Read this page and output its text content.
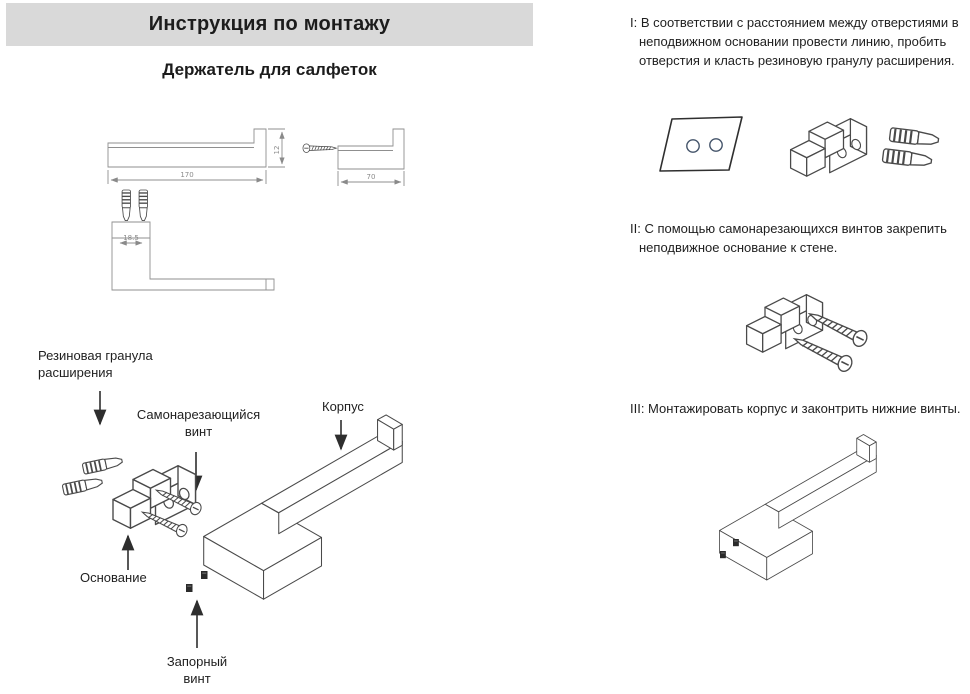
Инструкция по монтажу
Держатель для салфеток
170
12
70
18.5
Резиновая гранула расширения
Самонарезающийся винт
Корпус
Основание
Запорный винт
I: В соответствии с расстоянием между отверстиями в неподвижном основании провести линию, пробить отверстия и класть резиновую гранулу расширения.
II: С помощью самонарезающихся винтов закрепить неподвижное основание к стене.
III: Монтажировать корпус и законтрить нижние винты.
